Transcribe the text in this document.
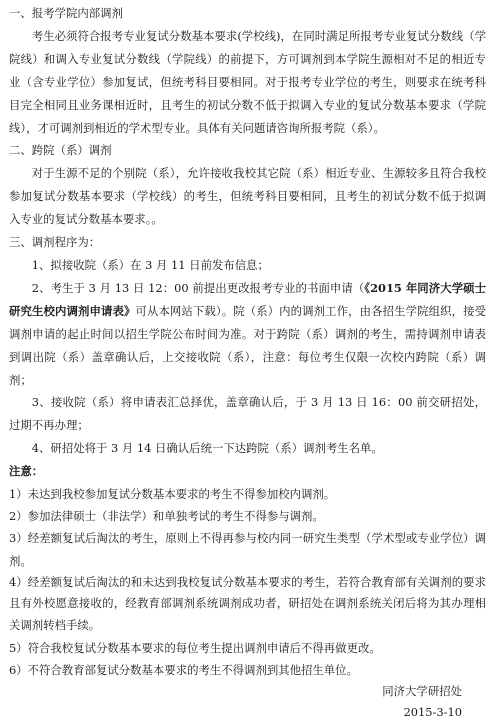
一、报考学院内部调剂

考生必须符合报考专业复试分数基本要求(学校线)，在同时满足所报考专业复试分数线（学院线）和调入专业复试分数线（学院线）的前提下，方可调剂到本学院生源相对不足的相近专业（含专业学位）参加复试，但统考科目要相同。对于报考专业学位的考生，则要求在统考科目完全相同且业务课相近时，且考生的初试分数不低于拟调入专业的复试分数基本要求（学院线），才可调剂到相近的学术型专业。具体有关问题请咨询所报考院（系）。

二、跨院（系）调剂

对于生源不足的个别院（系），允许接收我校其它院（系）相近专业、生源较多且符合我校参加复试分数基本要求（学校线）的考生，但统考科目要相同，且考生的初试分数不低于拟调入专业的复试分数基本要求。。

三、调剂程序为：

1、拟接收院（系）在 3 月 11 日前发布信息；

2、考生于 3 月 13 日 12：00 前提出更改报考专业的书面申请（《2015 年同济大学硕士研究生校内调剂申请表》可从本网站下载）。院（系）内的调剂工作，由各招生学院组织，接受调剂申请的起止时间以招生学院公布时间为准。对于跨院（系）调剂的考生，需持调剂申请表到调出院（系）盖章确认后，上交接收院（系），注意：每位考生仅限一次校内跨院（系）调剂；

3、接收院（系）将申请表汇总择优，盖章确认后，于 3 月 13 日 16：00 前交研招处，过期不再办理；

4、研招处将于 3 月 14 日确认后统一下达跨院（系）调剂考生名单。

注意：

1）未达到我校参加复试分数基本要求的考生不得参加校内调剂。

2）参加法律硕士（非法学）和单独考试的考生不得参与调剂。

3）经差额复试后淘汰的考生，原则上不得再参与校内同一研究生类型（学术型或专业学位）调剂。

4）经差额复试后淘汰的和未达到我校复试分数基本要求的考生，若符合教育部有关调剂的要求且有外校愿意接收的，经教育部调剂系统调剂成功者，研招处在调剂系统关闭后将为其办理相关调剂转档手续。

5）符合我校复试分数基本要求的每位考生提出调剂申请后不得再做更改。

6）不符合教育部复试分数基本要求的考生不得调剂到其他招生单位。

同济大学研招处

2015-3-10
